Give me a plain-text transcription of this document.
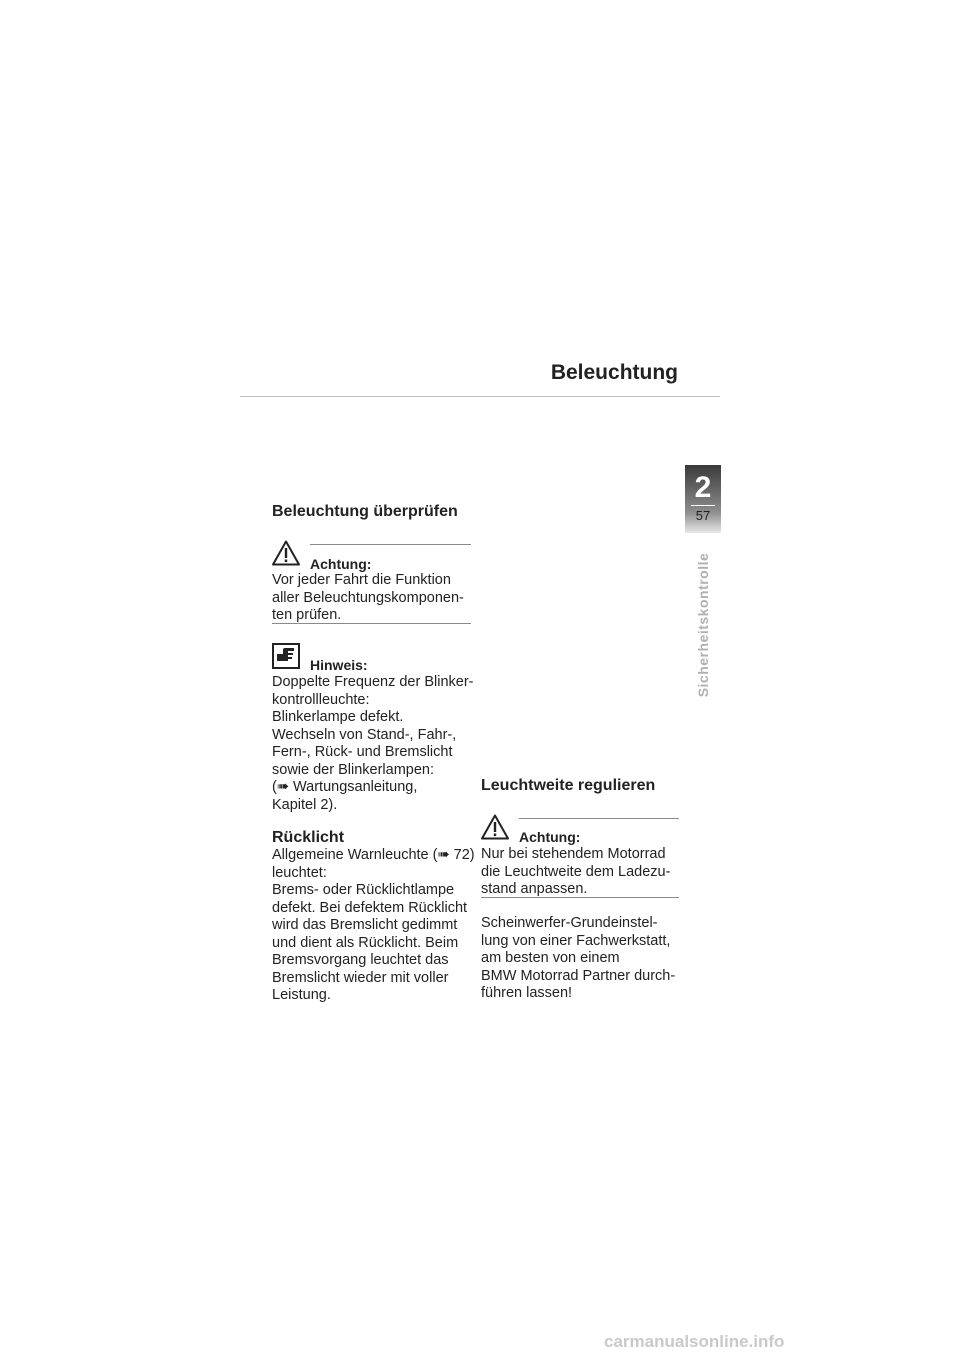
Beleuchtung
2
57
Sicherheitskontrolle
Beleuchtung überprüfen
Achtung:
Vor jeder Fahrt die Funktion
aller Beleuchtungskomponen-
ten prüfen.
Hinweis:
Doppelte Frequenz der Blinker-
kontrollleuchte:
Blinkerlampe defekt.
Wechseln von Stand-, Fahr-,
Fern-, Rück- und Bremslicht
sowie der Blinkerlampen:
(➠ Wartungsanleitung,
Kapitel 2).
Rücklicht
Allgemeine Warnleuchte (➠ 72)
leuchtet:
Brems- oder Rücklichtlampe
defekt. Bei defektem Rücklicht
wird das Bremslicht gedimmt
und dient als Rücklicht. Beim
Bremsvorgang leuchtet das
Bremslicht wieder mit voller
Leistung.
Leuchtweite regulieren
Achtung:
Nur bei stehendem Motorrad
die Leuchtweite dem Ladezu-
stand anpassen.
Scheinwerfer-Grundeinstel-
lung von einer Fachwerkstatt,
am besten von einem
BMW Motorrad Partner durch-
führen lassen!
carmanualsonline.info
